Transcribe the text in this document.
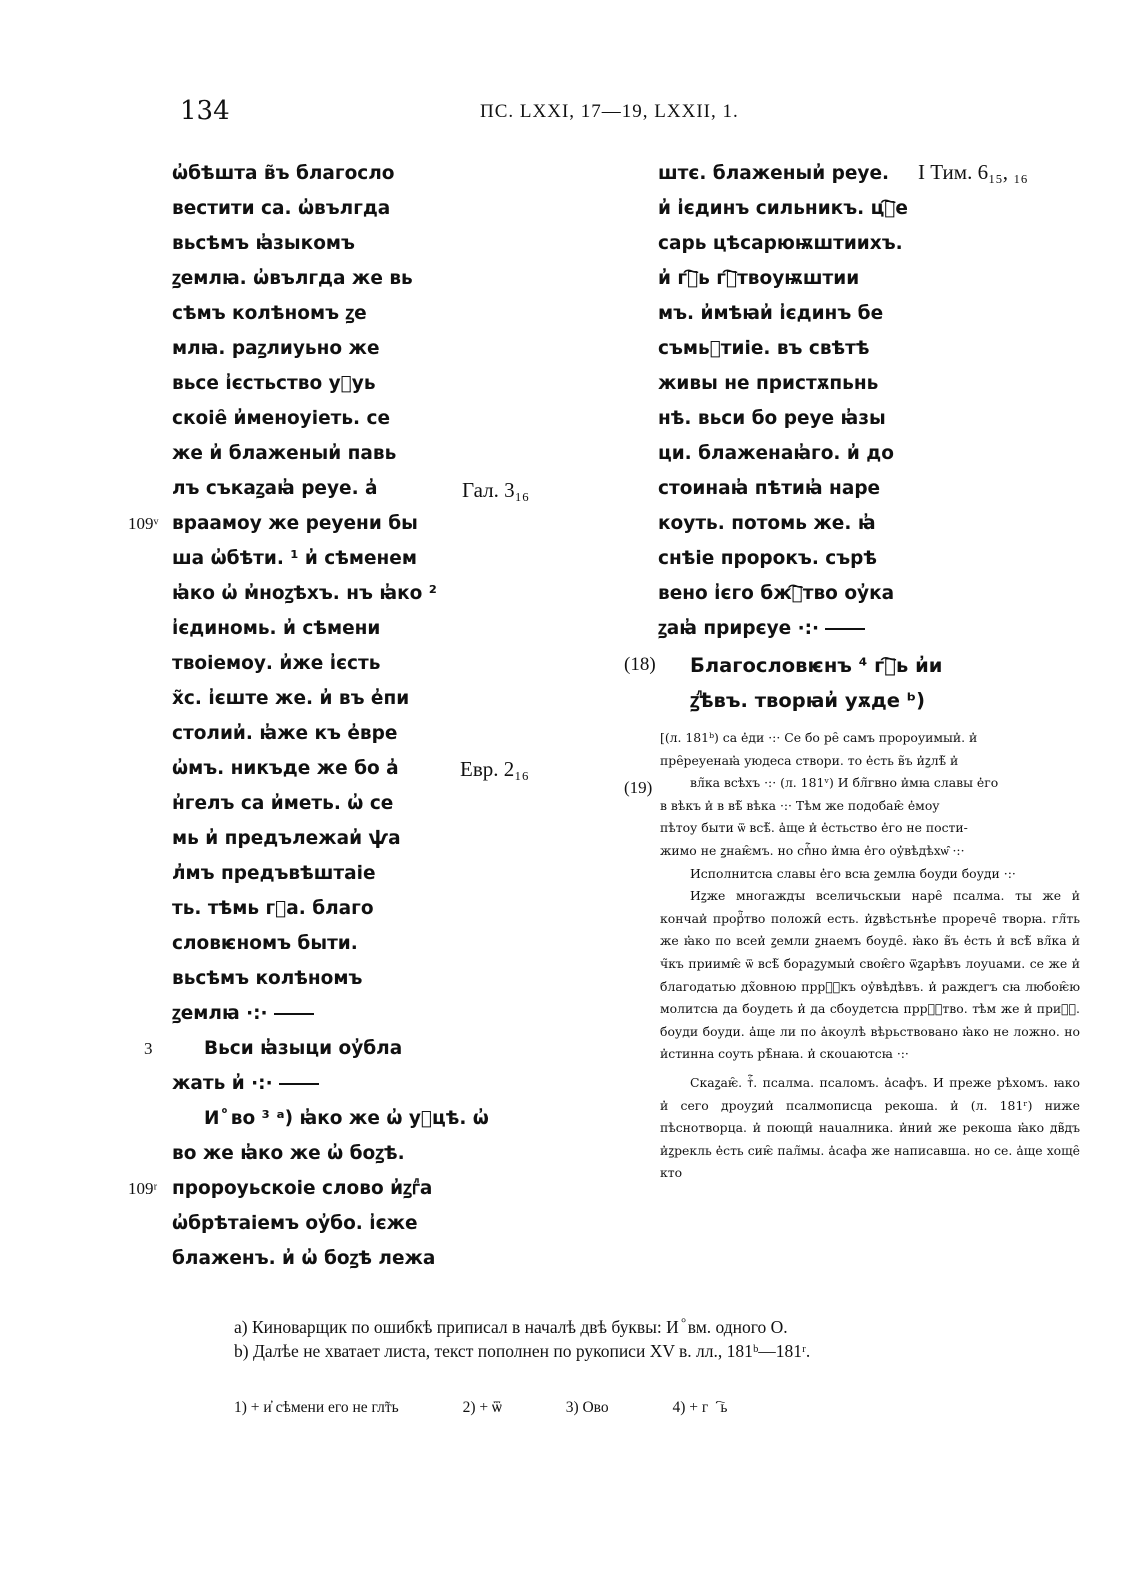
134	ПС. LXXI, 17—19, LXXII, 1.
ѡ̓бѣшта в̃ъ благосло
вестити са. ѡ̓вългда
вьсѣмъ ꙗ̓зыкомъ
ꙁемлꙗ. ѡ̓вългда же вь
сѣмъ колѣномъ ꙁе
млꙗ. раꙁлиуьно же
вьсе і̓єстьство уⷧуь
скоіе̑ и̓меноуіеть. се
же и̓ блаженыи̓ павь
лъ съкаꙁаꙗ̓ реуе. а̓
109ᵛ враамоу же реуени бы
ша ѡ̓бѣти. ¹ и̓ сѣменем
ꙗ̓ко ѡ̓ м̓ноꙁѣхъ. нъ ꙗ̓ко ²
і̓єдиномь. и̓ сѣмени
твоіемоу. и̓же і̓єсть
х̃с. і̓єште же. и̓ въ е̓пи
столии̓. ꙗ̓же къ е̓вре
ѡ̓мъ. никъде же бо а̓
н̓гелъ са и̓меть. ѡ̓ се
мь и̓ предълежаи̓ ѱа
л̓мъ предъвѣштаіе
ть. тѣмь гⷧа. благо
словѥномъ быти.
вьсѣмъ колѣномъ
ꙁемлꙗ ·:·
3	Вьси ꙗ̓зыци оу̓бла
жать и̓ ·:·
И ⷪ во ³ ᵃ) ꙗ̓ко же ѡ̓ уⷧцѣ. ѡ̓
во же ꙗ̓ко же ѡ̓ боꙁѣ.
109ʳ пророуьскоіе слово и̓ꙁгⷧа
ѡ̓брѣтаіемъ оу̓бо. і̓єже
блаженъ. и̓ ѡ̓ боꙁѣ лежа
Гал. 3₁₆
Евр. 2₁₆
I Тим. 6₁₅, ₁₆
штє. блаженыи̓ реуе.
и̓ і̓єдинъ сильникъ. цⷭ҇е
сарь цѣсарюѭштиихъ.
и̓ гⷭ҇ь гⷭ҇твоуѭштии
мъ. и̓мѣꙗи̓ і̓єдинъ бе
съмьⷬтиіе. въ свѣтѣ
живы не пристѫпьнь
нѣ. вьси бо реуе ꙗ̓зы
ци. блаженаꙗ̓го. и̓ до
стоинаꙗ̓ пѣтиꙗ̓ наре
коуть. потомь же. ꙗ̓
снѣіе пророкъ. сърѣ
вено і̓єго бжⷭ҇тво оу̓ка
ꙁаꙗ̓ прирєуе ·:·
(18) Благословѥнъ ⁴ гⷭ҇ь и̓и
ꙁⷧѣвъ. творꙗи̓ уѫде ᵇ)
(19)

[(л. 181ᵇ) са е̓ди ·:· Се бо ре̑ самъ пророуимыи̓. и̓

пре̑реуенаꙗ̓ уюдеса створи. то е̓сть в̃ъ и̓ꙁлѣ̃ и̓

вл̃ка всѣхъ ·:· (л. 181ᵛ) И бл̃гвно и̓мꙗ славы е̓го

в вѣкъ и̓ в вѣ̃ вѣка ·:· Тѣм же подобаѥ̑ е̓моу

пѣтоу быти ѿ всѣ̃. а̓ще и̓ е̓стьство е̓го не пости-

жимо не ꙁнаѥ̑мъ. но спⷭ҇но и̓мꙗ е̓го оу̓вѣдѣхѡ̑ ·:·

Исполнитсꙗ славы е̓го всꙗ ꙁемлꙗ боуди боуди ·:·

Иꙁже многаждꙑ вселичьскыи наре̑ псалма. ты же и̓ кончаи̓ прорⷱ҇тво положи̑ есть. и̓ꙁвѣстьнѣе прорече̑ творꙗ. гл̃ть же ꙗ̓ко по всеи̓ ꙁемли ꙁнаемъ боуде̑. ꙗ̓ко в̃ъ е̓сть и̓ всѣ̃ вл̃ка и̓ ч̃къ приимѥ̑ ѿ всѣ̃ бораꙁумыи̓ своѥ̑го ѿꙁарѣвъ лоуuами. се же и̓ благодатью дх̃овною пррⷱ҇къ оу̓вѣдѣвъ. и̓ раждегъ сꙗ любоѥ̑ю молитсꙗ да боудеть и̓ да сбоудетсꙗ пррⷱ҇тво. тѣм же и̓ приⷬ҇. боуди боуди. а̓ще ли по а̓коулѣ вѣрьствовано ꙗ̓ко не ложно. но и̓стинна соуть рѣ̑наꙗ. и̓ скоuаютсꙗ ·:·

Скаꙁаѥ̑. тⷭ҇. псалма. псаломъ. а̓сафъ. И преже рѣхомъ. ꙗко и̓ сего дроуꙁии̓ псалмописца рекоша. и̓ (л. 181ʳ) ниже пѣснотворца. и̓ поющи̑ наuалника. и̓нии̓ же рекоша ꙗ̓ко дв̃дъ и̓ꙁрекль е̓сть сиѥ̑ пал̃мы. а̓сафа же написавша. но се. а̓ще хоще̑ кто

а) Киноварщик по ошибкѣ приписал в началѣ двѣ буквы: И ⷪ вм. одного О.
b) Далѣе не хватает листа, текст пополнен по рукописи XV в. лл., 181ᵇ—181ʳ.
1) + и̓ сѣмени его не гл̃ть	2) + ѿ	3) Ово	4) + гⷭ҇ь
